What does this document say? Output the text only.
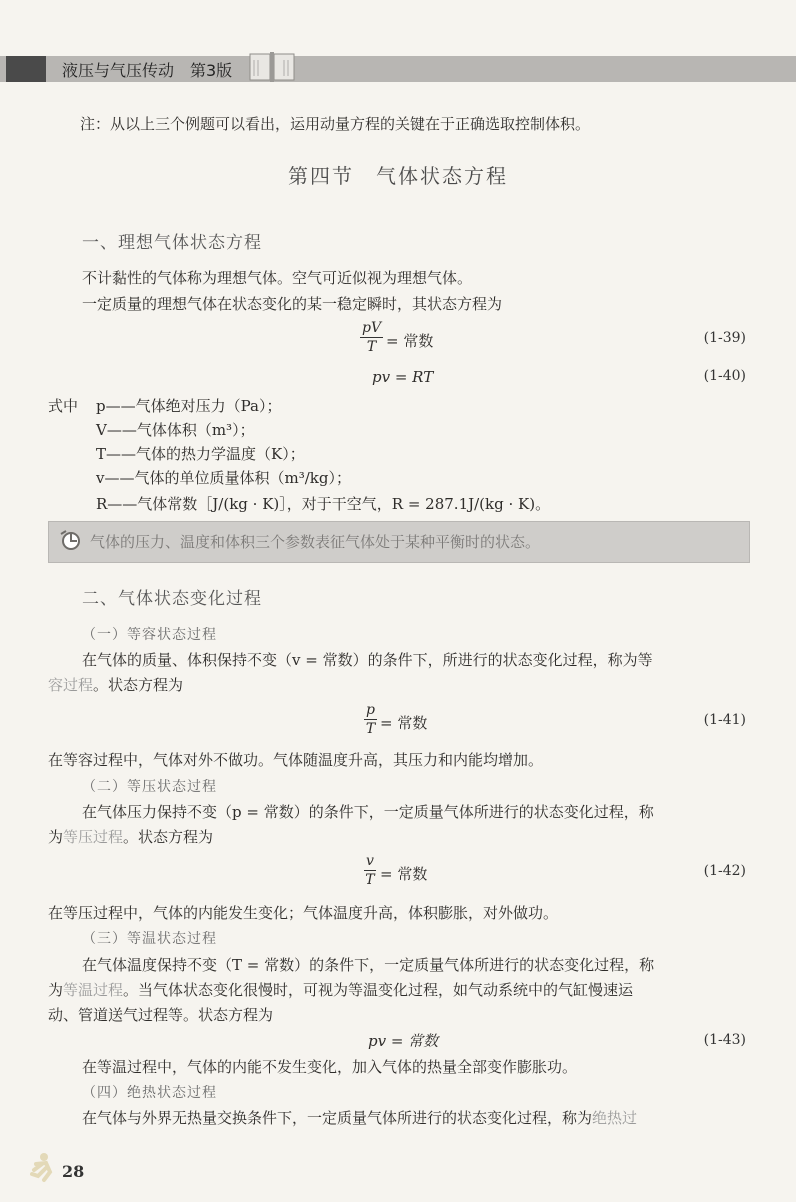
液压与气压传动　第3版
注：从以上三个例题可以看出，运用动量方程的关键在于正确选取控制体积。
第四节　气体状态方程
一、理想气体状态方程
不计黏性的气体称为理想气体。空气可近似视为理想气体。
一定质量的理想气体在状态变化的某一稳定瞬时，其状态方程为
$\frac{pV}{T}$ = 常数	(1-39)
pv = RT	(1-40)
式中 p——气体绝对压力（Pa）；
V——气体体积（m³）；
T——气体的热力学温度（K）；
v——气体的单位质量体积（m³/kg）；
R——气体常数［J/(kg · K)］，对于干空气，R = 287.1J/(kg · K)。
气体的压力、温度和体积三个参数表征气体处于某种平衡时的状态。
二、气体状态变化过程
（一）等容状态过程
在气体的质量、体积保持不变（v = 常数）的条件下，所进行的状态变化过程，称为等
容过程。状态方程为
$\frac{p}{T}$ = 常数	(1-41)
在等容过程中，气体对外不做功。气体随温度升高，其压力和内能均增加。
（二）等压状态过程
在气体压力保持不变（p = 常数）的条件下，一定质量气体所进行的状态变化过程，称
为等压过程。状态方程为
$\frac{v}{T}$ = 常数	(1-42)
在等压过程中，气体的内能发生变化；气体温度升高，体积膨胀，对外做功。
（三）等温状态过程
在气体温度保持不变（T = 常数）的条件下，一定质量气体所进行的状态变化过程，称
为等温过程。当气体状态变化很慢时，可视为等温变化过程，如气动系统中的气缸慢速运
动、管道送气过程等。状态方程为
pv = 常数	(1-43)
在等温过程中，气体的内能不发生变化，加入气体的热量全部变作膨胀功。
（四）绝热状态过程
在气体与外界无热量交换条件下，一定质量气体所进行的状态变化过程，称为绝热过
28
